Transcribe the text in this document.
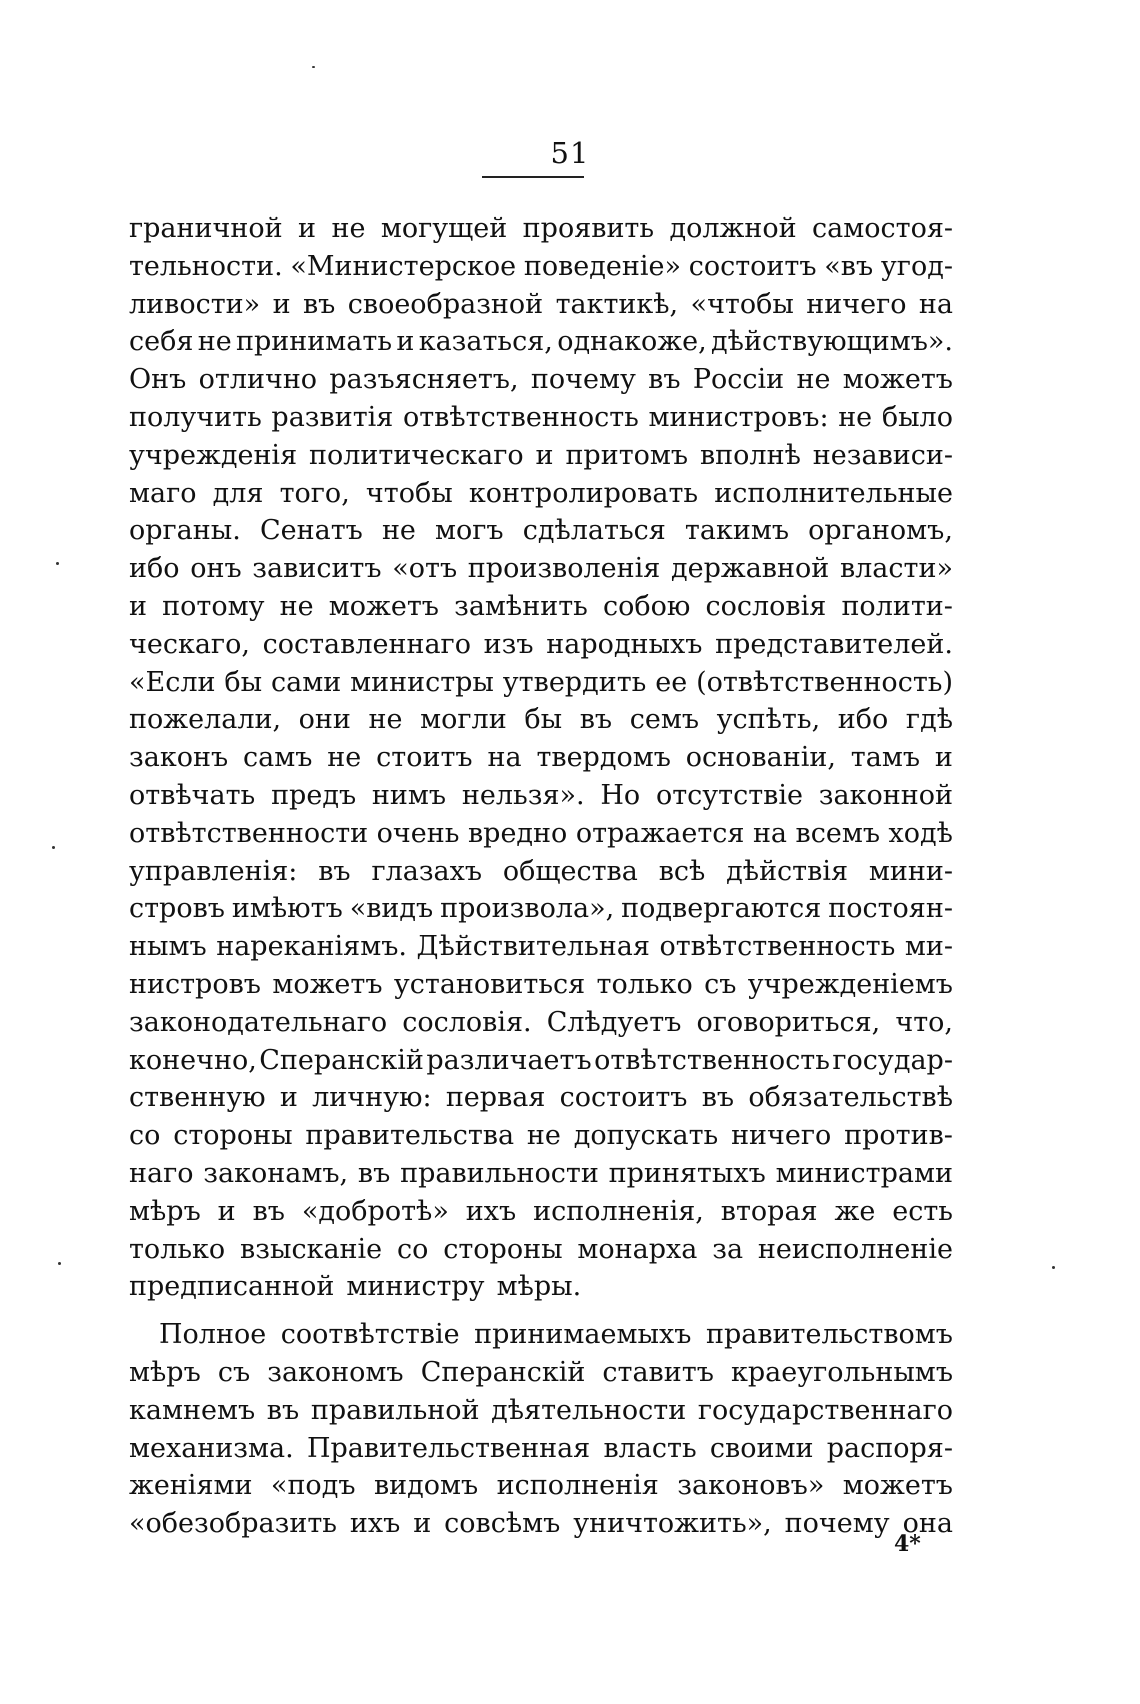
51
граничной и не могущей проявить должной самостоя-
тельности. «Министерское поведеніе» состоитъ «въ угод-
ливости» и въ своеобразной тактикѣ, «чтобы ничего на
себя не принимать и казаться, однакоже, дѣйствующимъ».
Онъ отлично разъясняетъ, почему въ Россіи не можетъ
получить развитія отвѣтственность министровъ: не было
учрежденія политическаго и притомъ вполнѣ независи-
маго для того, чтобы контролировать исполнительные
органы. Сенатъ не могъ сдѣлаться такимъ органомъ,
ибо онъ зависитъ «отъ произволенія державной власти»
и потому не можетъ замѣнить собою сословія полити-
ческаго, составленнаго изъ народныхъ представителей.
«Если бы сами министры утвердить ее (отвѣтственность)
пожелали, они не могли бы въ семъ успѣть, ибо гдѣ
законъ самъ не стоитъ на твердомъ основаніи, тамъ и
отвѣчать предъ нимъ нельзя». Но отсутствіе законной
отвѣтственности очень вредно отражается на всемъ ходѣ
управленія: въ глазахъ общества всѣ дѣйствія мини-
стровъ имѣютъ «видъ произвола», подвергаются постоян-
нымъ нареканіямъ. Дѣйствительная отвѣтственность ми-
нистровъ можетъ установиться только съ учрежденіемъ
законодательнаго сословія. Слѣдуетъ оговориться, что,
конечно, Сперанскій различаетъ отвѣтственность государ-
ственную и личную: первая состоитъ въ обязательствѣ
со стороны правительства не допускать ничего против-
наго законамъ, въ правильности принятыхъ министрами
мѣръ и въ «добротѣ» ихъ исполненія, вторая же есть
только взысканіе со стороны монарха за неисполненіе
предписанной министру мѣры.
Полное соотвѣтствіе принимаемыхъ правительствомъ
мѣръ съ закономъ Сперанскій ставитъ краеугольнымъ
камнемъ въ правильной дѣятельности государственнаго
механизма. Правительственная власть своими распоря-
женіями «подъ видомъ исполненія законовъ» можетъ
«обезобразить ихъ и совсѣмъ уничтожить», почему она
4*
